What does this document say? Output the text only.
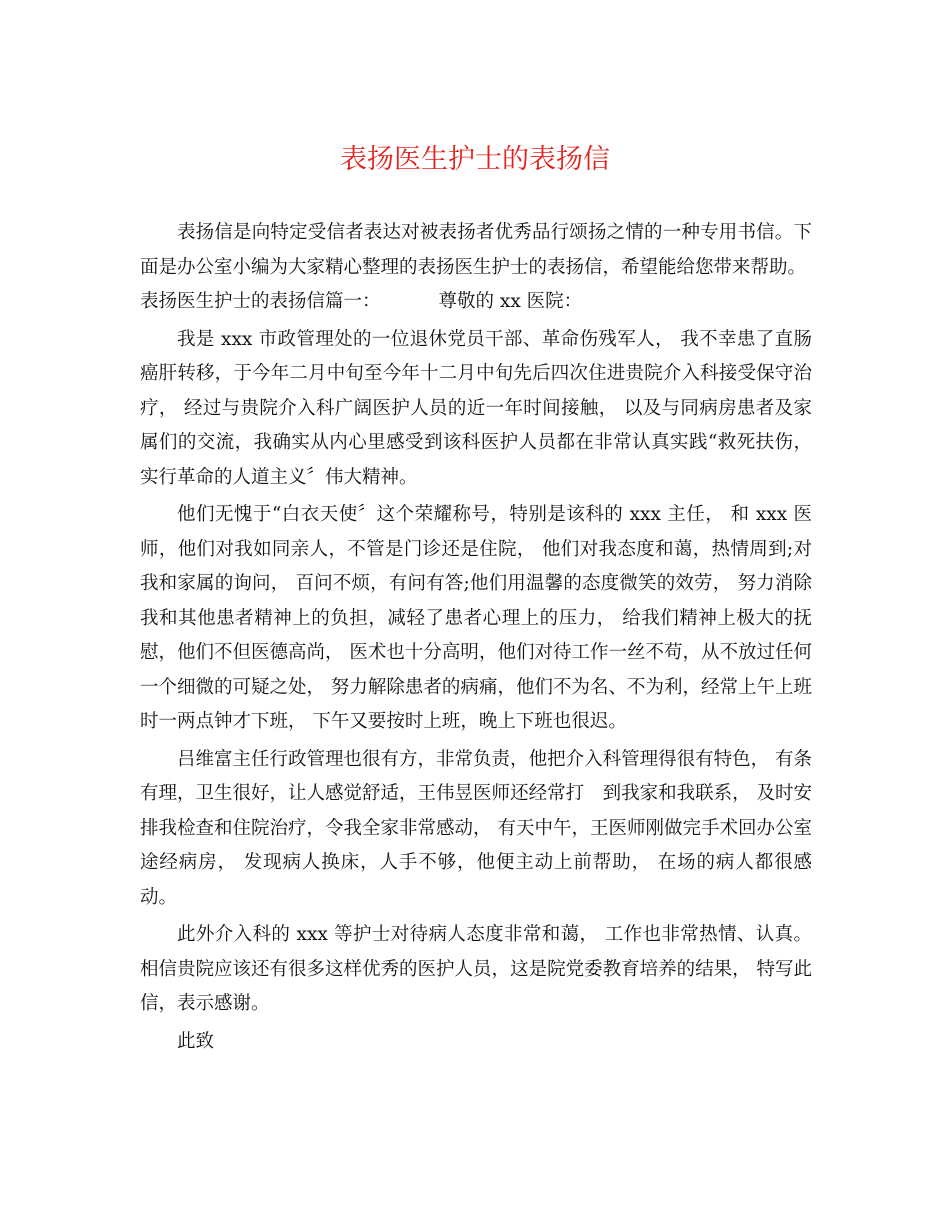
表扬医生护士的表扬信

表扬信是向特定受信者表达对被表扬者优秀品行颂扬之情的一种专用书信。下面是办公室小编为大家精心整理的表扬医生护士的表扬信，希望能给您带来帮助。

表扬医生护士的表扬信篇一：	尊敬的 xx 医院：

我是 xxx 市政管理处的一位退休党员干部、革命伤残军人， 我不幸患了直肠癌肝转移，于今年二月中旬至今年十二月中旬先后四次住进贵院介入科接受保守治疗， 经过与贵院介入科广阔医护人员的近一年时间接触， 以及与同病房患者及家属们的交流，我确实从内心里感受到该科医护人员都在非常认真实践“救死扶伤，实行革命的人道主义〞伟大精神。

他们无愧于“白衣天使〞这个荣耀称号，特别是该科的 xxx 主任， 和 xxx 医师，他们对我如同亲人，不管是门诊还是住院， 他们对我态度和蔼，热情周到;对我和家属的询问， 百问不烦，有问有答;他们用温馨的态度微笑的效劳， 努力消除我和其他患者精神上的负担，减轻了患者心理上的压力， 给我们精神上极大的抚慰，他们不但医德高尚， 医术也十分高明，他们对待工作一丝不苟，从不放过任何一个细微的可疑之处， 努力解除患者的病痛，他们不为名、不为利，经常上午上班时一两点钟才下班， 下午又要按时上班，晚上下班也很迟。

吕维富主任行政管理也很有方，非常负责，他把介入科管理得很有特色， 有条有理，卫生很好，让人感觉舒适，王伟昱医师还经常打　到我家和我联系， 及时安排我检查和住院治疗，令我全家非常感动， 有天中午，王医师刚做完手术回办公室途经病房， 发现病人换床，人手不够，他便主动上前帮助， 在场的病人都很感动。

此外介入科的 xxx 等护士对待病人态度非常和蔼， 工作也非常热情、认真。相信贵院应该还有很多这样优秀的医护人员，这是院党委教育培养的结果， 特写此信，表示感谢。

此致
